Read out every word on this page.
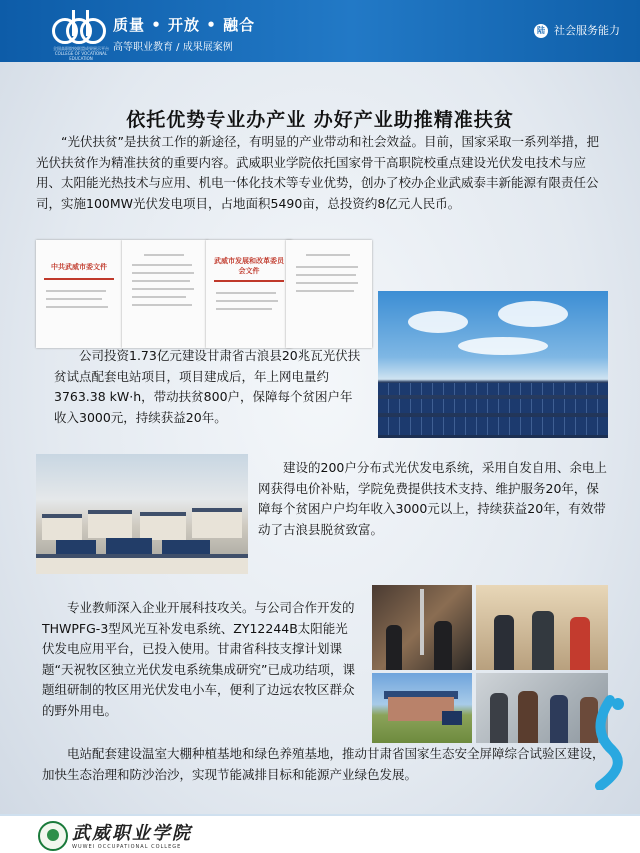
全国高职院校联盟成果展示平台 COLLEGE OF VOCATIONAL EDUCATION
质量 • 开放 • 融合
高等职业教育 / 成果展案例
陆 社会服务能力
依托优势专业办产业 办好产业助推精准扶贫

“光伏扶贫”是扶贫工作的新途径，有明显的产业带动和社会效益。目前，国家采取一系列举措，把光伏扶贫作为精准扶贫的重要内容。武威职业学院依托国家骨干高职院校重点建设光伏发电技术与应用、太阳能光热技术与应用、机电一体化技术等专业优势，创办了校办企业武威泰丰新能源有限责任公司，实施100MW光伏发电项目，占地面积5490亩，总投资约8亿元人民币。

中共武威市委文件
武威市发展和改革委员会文件

公司投资1.73亿元建设甘肃省古浪县20兆瓦光伏扶贫试点配套电站项目，项目建成后，年上网电量约3763.38 kW·h，带动扶贫800户，保障每个贫困户年收入3000元，持续获益20年。

建设的200户分布式光伏发电系统，采用自发自用、余电上网获得电价补贴，学院免费提供技术支持、维护服务20年，保障每个贫困户户均年收入3000元以上，持续获益20年，有效带动了古浪县脱贫致富。

专业教师深入企业开展科技攻关。与公司合作开发的THWPFG-3型风光互补发电系统、ZY12244B太阳能光伏发电应用平台，已投入使用。甘肃省科技支撑计划课题“天祝牧区独立光伏发电系统集成研究”已成功结项，课题组研制的牧区用光伏发电小车，便利了边远农牧区群众的野外用电。

电站配套建设温室大棚种植基地和绿色养殖基地，推动甘肃省国家生态安全屏障综合试验区建设，加快生态治理和防沙治沙，实现节能减排目标和能源产业绿色发展。

武威职业学院
WUWEI OCCUPATIONAL COLLEGE
